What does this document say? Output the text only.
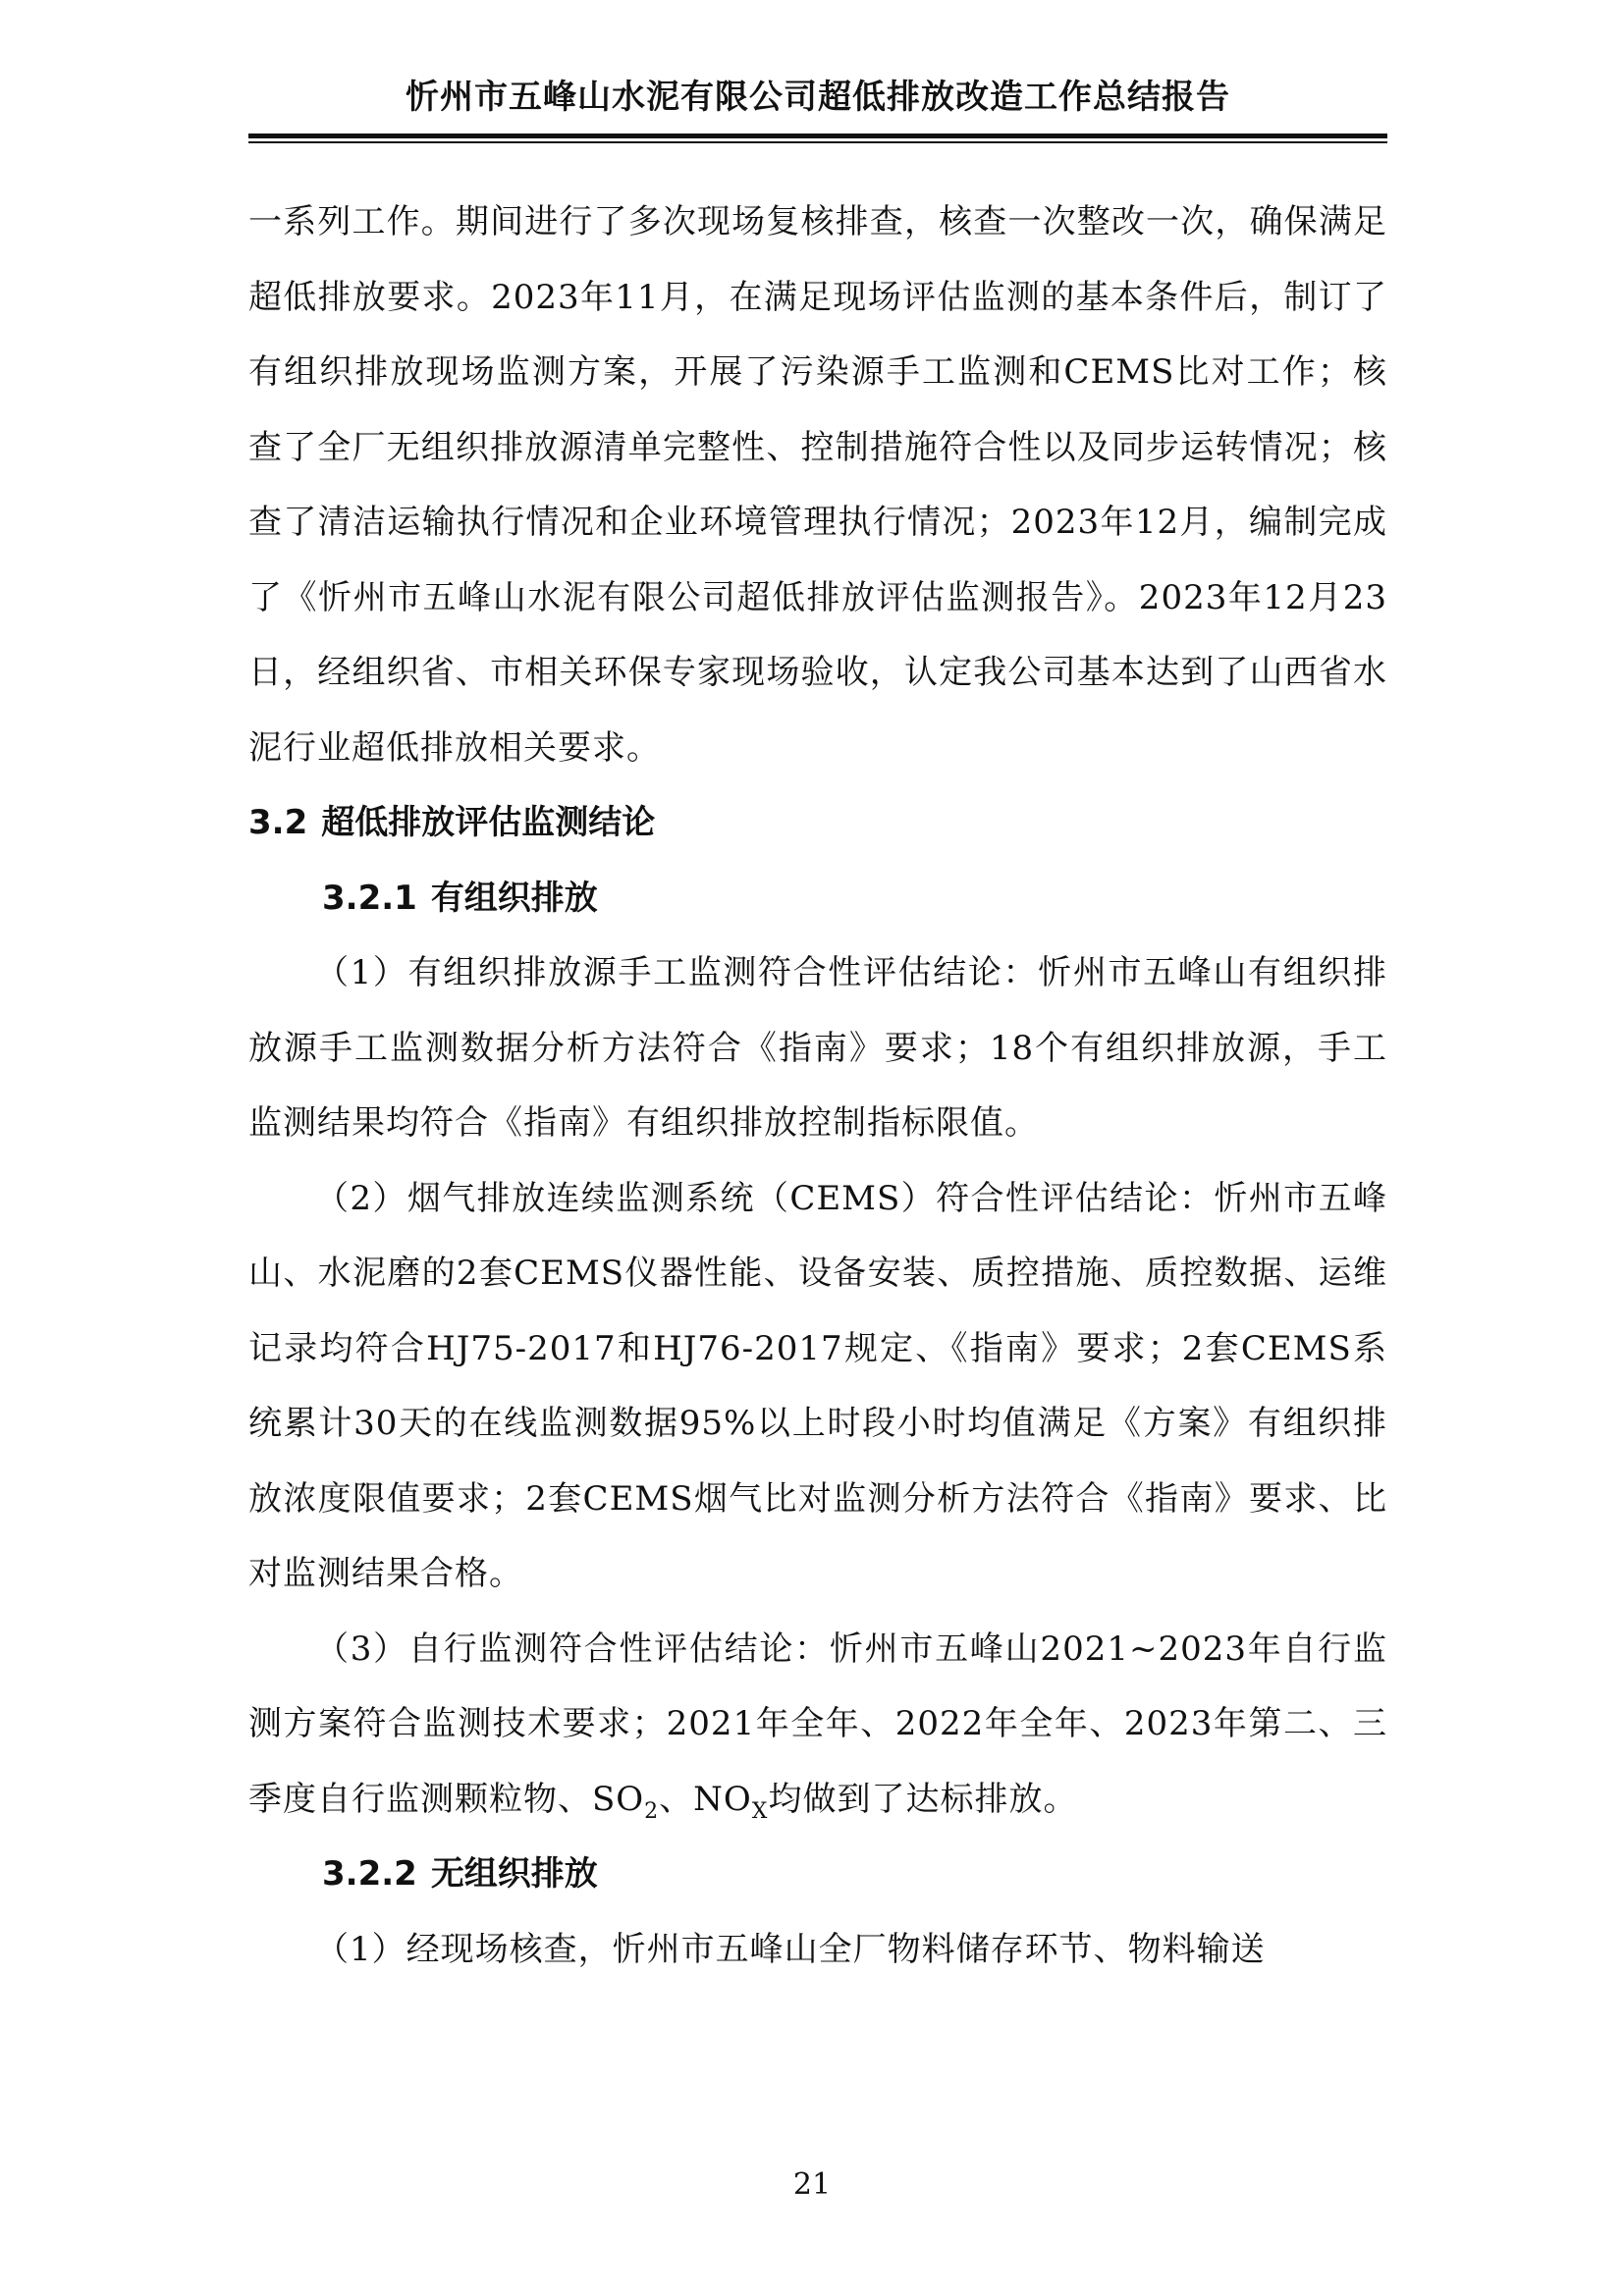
忻州市五峰山水泥有限公司超低排放改造工作总结报告

一系列工作。期间进行了多次现场复核排查，核查一次整改一次，确保满足超低排放要求。2023年11月，在满足现场评估监测的基本条件后，制订了有组织排放现场监测方案，开展了污染源手工监测和CEMS比对工作；核查了全厂无组织排放源清单完整性、控制措施符合性以及同步运转情况；核查了清洁运输执行情况和企业环境管理执行情况；2023年12月，编制完成了《忻州市五峰山水泥有限公司超低排放评估监测报告》。2023年12月23日，经组织省、市相关环保专家现场验收，认定我公司基本达到了山西省水泥行业超低排放相关要求。

3.2 超低排放评估监测结论
3.2.1 有组织排放

（1）有组织排放源手工监测符合性评估结论：忻州市五峰山有组织排放源手工监测数据分析方法符合《指南》要求；18个有组织排放源，手工监测结果均符合《指南》有组织排放控制指标限值。

（2）烟气排放连续监测系统（CEMS）符合性评估结论：忻州市五峰山、水泥磨的2套CEMS仪器性能、设备安装、质控措施、质控数据、运维记录均符合HJ75-2017和HJ76-2017规定、《指南》要求；2套CEMS系统累计30天的在线监测数据95%以上时段小时均值满足《方案》有组织排放浓度限值要求；2套CEMS烟气比对监测分析方法符合《指南》要求、比对监测结果合格。

（3）自行监测符合性评估结论：忻州市五峰山2021~2023年自行监测方案符合监测技术要求；2021年全年、2022年全年、2023年第二、三季度自行监测颗粒物、$SO_2$、$NO_X$均做到了达标排放。

3.2.2 无组织排放

（1）经现场核查，忻州市五峰山全厂物料储存环节、物料输送

21
